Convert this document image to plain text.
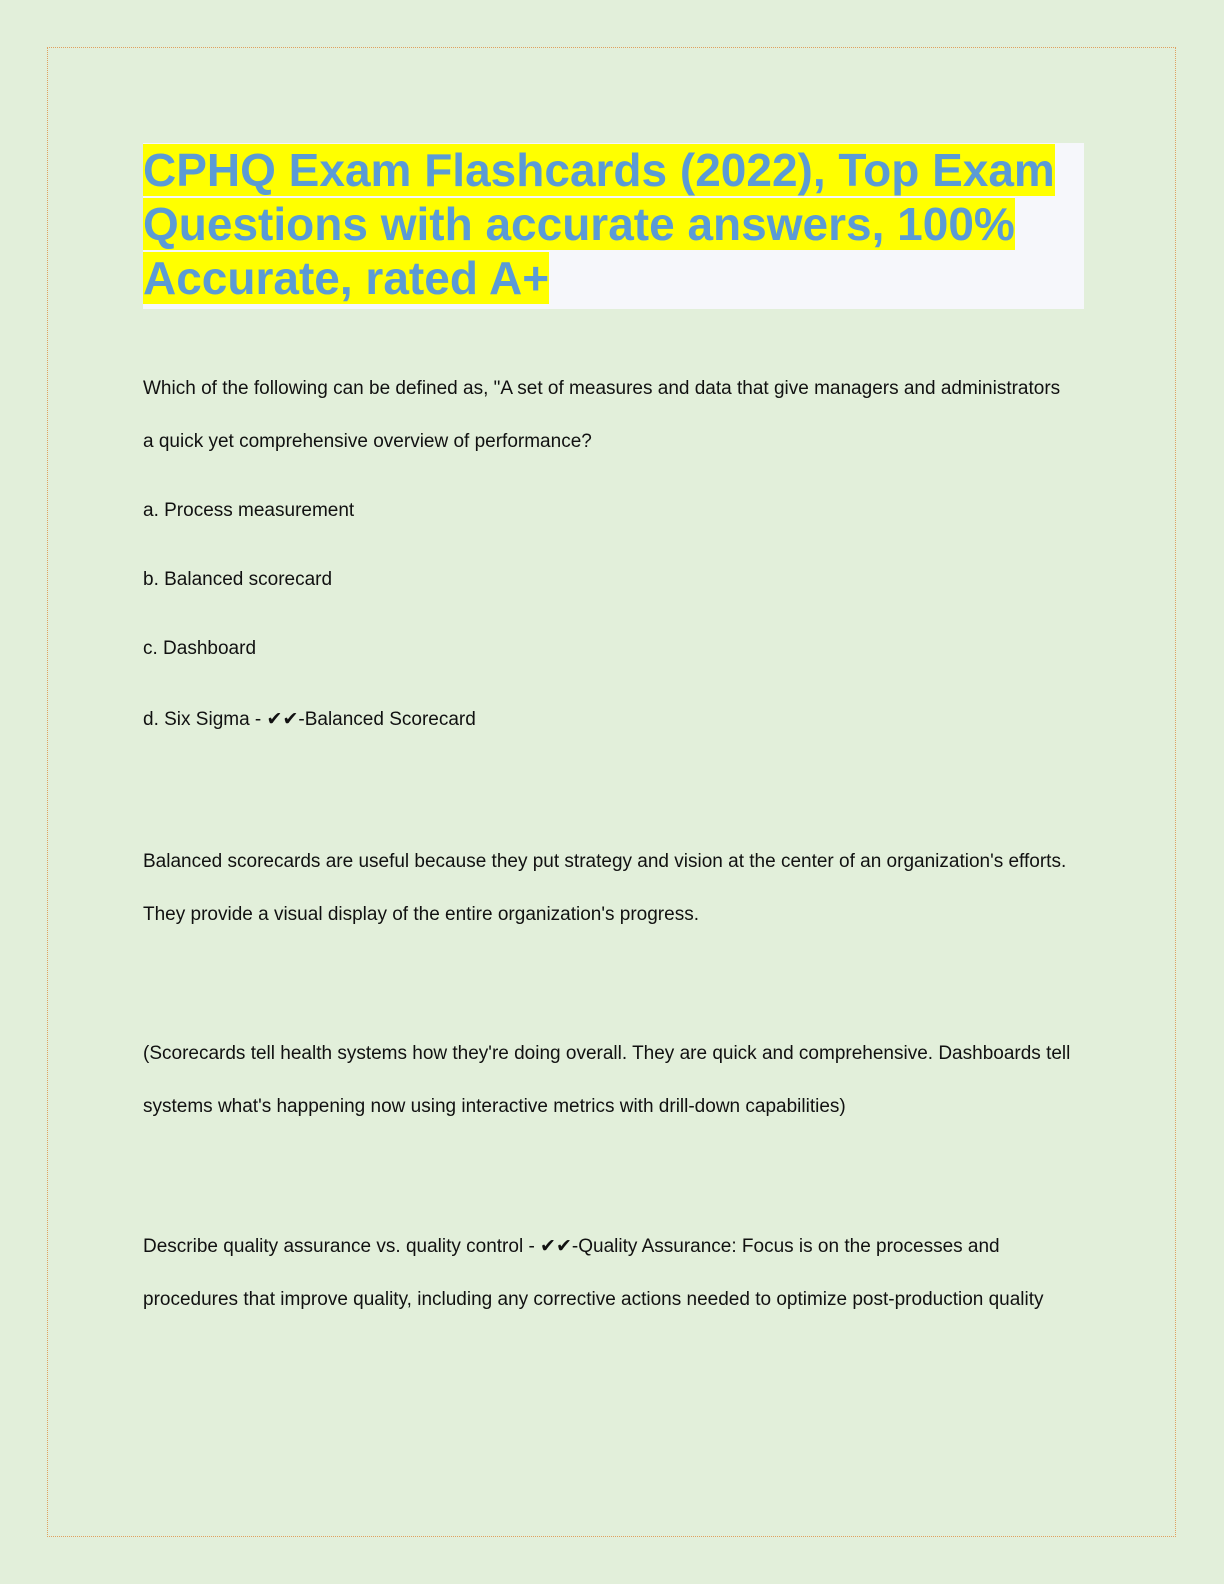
CPHQ Exam Flashcards (2022), Top Exam Questions with accurate answers, 100% Accurate, rated A+

Which of the following can be defined as, "A set of measures and data that give managers and administrators a quick yet comprehensive overview of performance?

a. Process measurement

b. Balanced scorecard

c. Dashboard

d. Six Sigma - ✔✔-Balanced Scorecard

Balanced scorecards are useful because they put strategy and vision at the center of an organization's efforts. They provide a visual display of the entire organization's progress.

(Scorecards tell health systems how they're doing overall. They are quick and comprehensive. Dashboards tell systems what's happening now using interactive metrics with drill-down capabilities)

Describe quality assurance vs. quality control - ✔✔-Quality Assurance: Focus is on the processes and procedures that improve quality, including any corrective actions needed to optimize post-production quality
